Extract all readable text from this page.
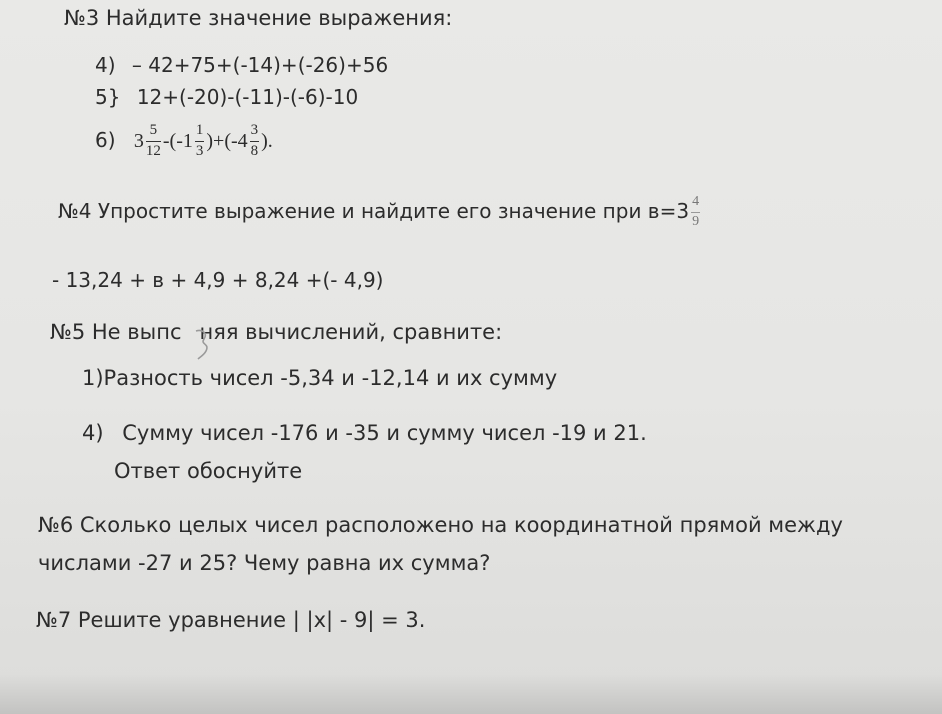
№3 Найдите значение выражения:
4) – 42+75+(-14)+(-26)+56
5} 12+(-20)-(-11)-(-6)-10
6) $3 \frac{5}{12} -(-1 \frac{1}{3} )+(-4 \frac{3}{8}$ ).
№4 Упростите выражение и найдите его значение при $в=3 \frac{4}{9}$
- 13,24 + в + 4,9 + 8,24 +(- 4,9)
№5 Не выпс няя вычислений, сравните:
1)Разность чисел -5,34 и -12,14 и их сумму
4) Сумму чисел -176 и -35 и сумму чисел -19 и 21.
Ответ обоснуйте
№6 Сколько целых чисел расположено на координатной прямой между
числами -27 и 25? Чему равна их сумма?
№7 Решите уравнение | |x| - 9| = 3.
